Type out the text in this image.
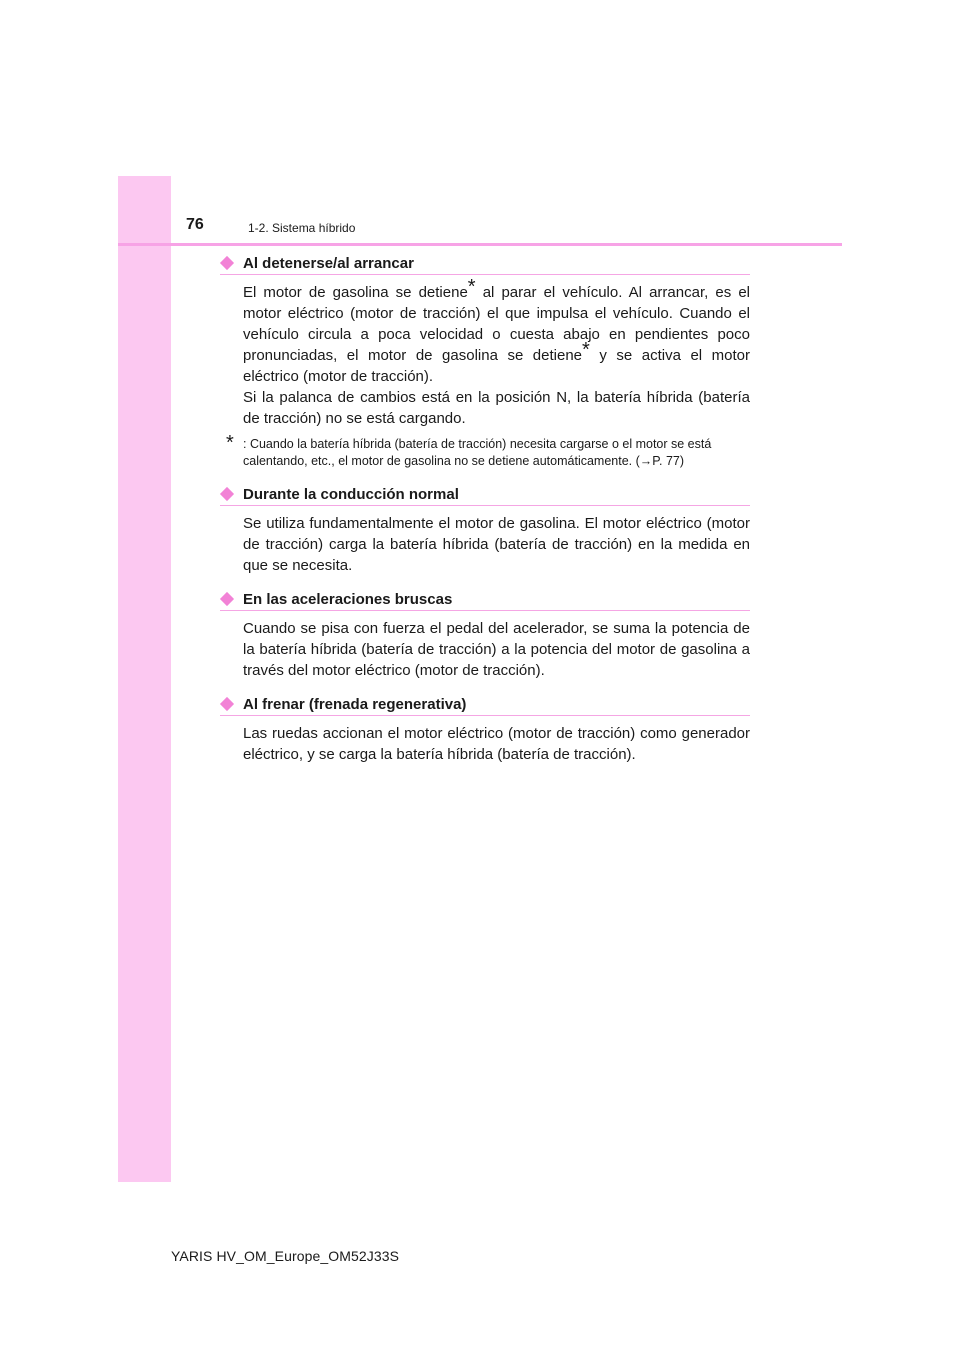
76	1-2. Sistema híbrido
Al detenerse/al arrancar
El motor de gasolina se detiene* al parar el vehículo. Al arrancar, es el motor eléctrico (motor de tracción) el que impulsa el vehículo. Cuando el vehículo circula a poca velocidad o cuesta abajo en pendientes poco pronunciadas, el motor de gasolina se detiene* y se activa el motor eléctrico (motor de tracción).
Si la palanca de cambios está en la posición N, la batería híbrida (batería de tracción) no se está cargando.
* : Cuando la batería híbrida (batería de tracción) necesita cargarse o el motor se está calentando, etc., el motor de gasolina no se detiene automáticamente. (→P. 77)
Durante la conducción normal
Se utiliza fundamentalmente el motor de gasolina. El motor eléctrico (motor de tracción) carga la batería híbrida (batería de tracción) en la medida en que se necesita.
En las aceleraciones bruscas
Cuando se pisa con fuerza el pedal del acelerador, se suma la potencia de la batería híbrida (batería de tracción) a la potencia del motor de gasolina a través del motor eléctrico (motor de tracción).
Al frenar (frenada regenerativa)
Las ruedas accionan el motor eléctrico (motor de tracción) como generador eléctrico, y se carga la batería híbrida (batería de tracción).
YARIS HV_OM_Europe_OM52J33S
